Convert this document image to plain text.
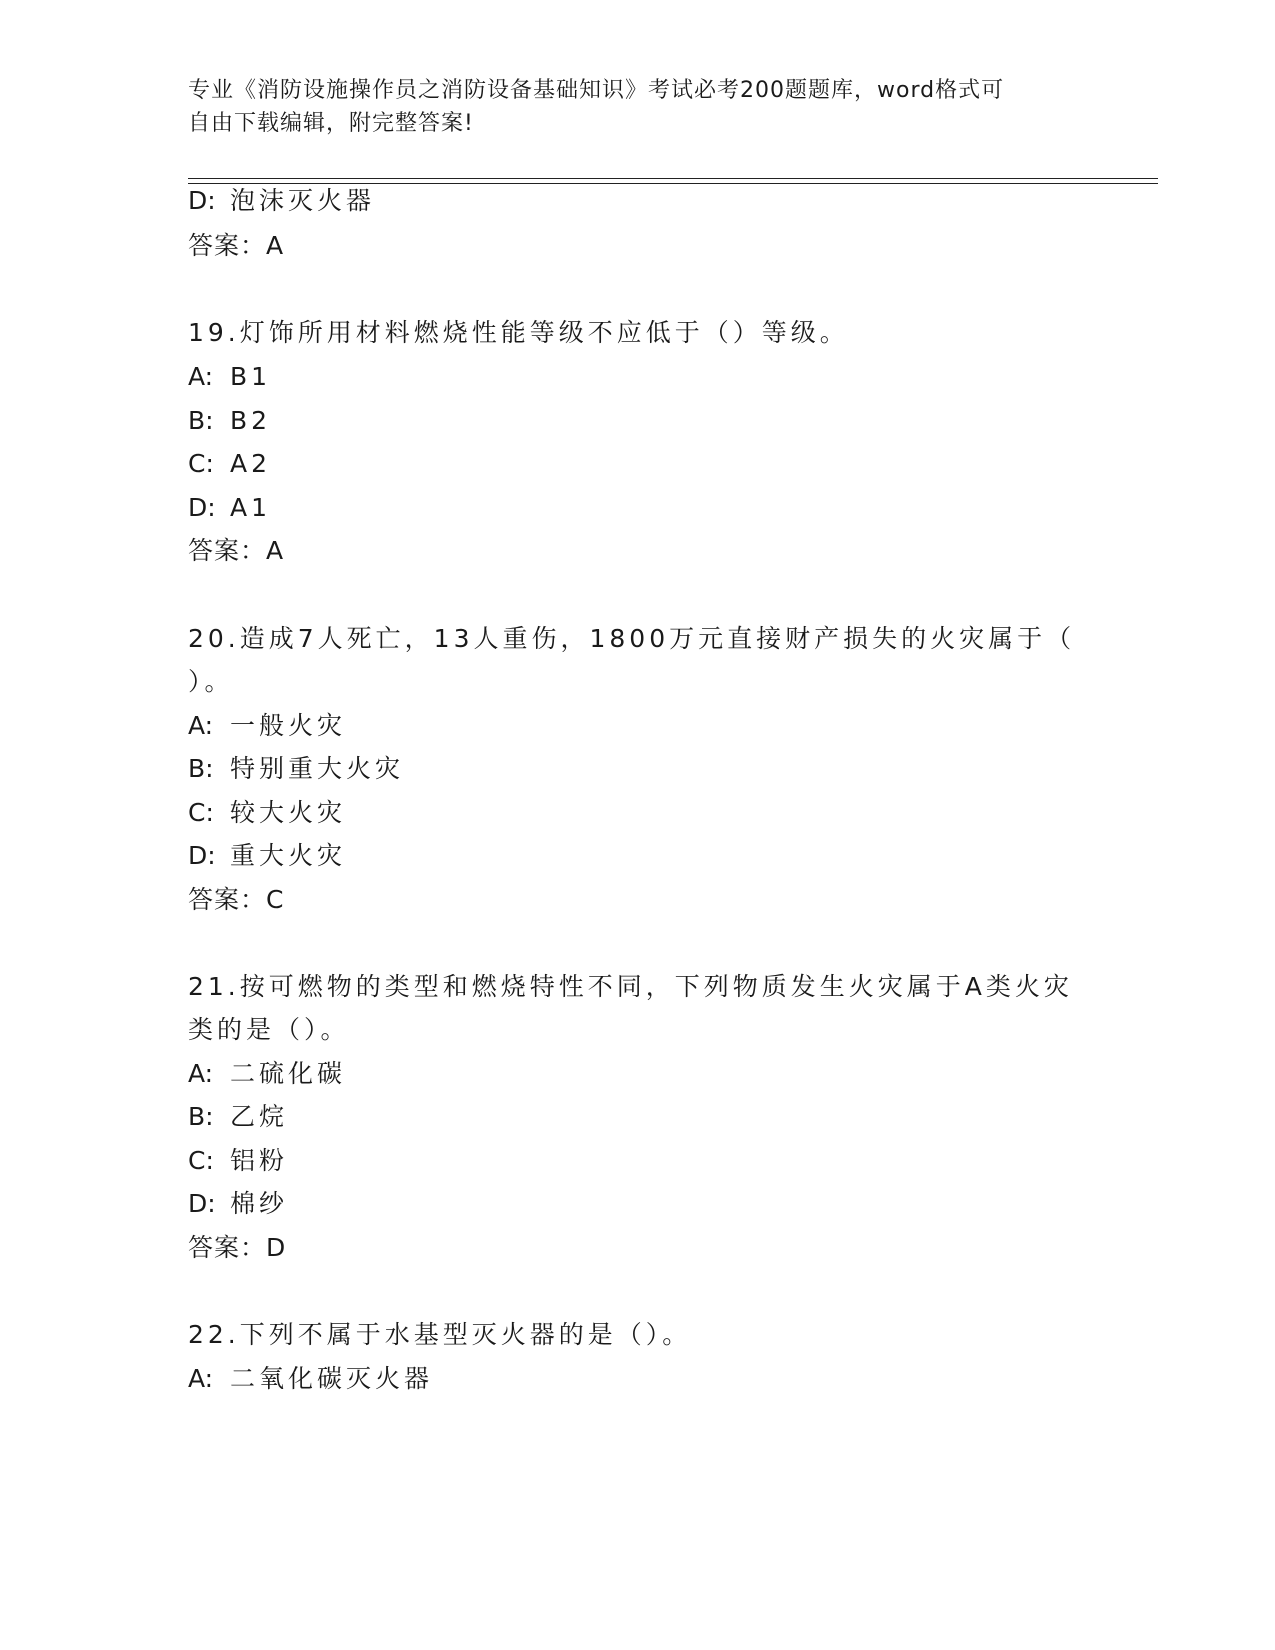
专业《消防设施操作员之消防设备基础知识》考试必考200题题库，word格式可
自由下载编辑，附完整答案!
D: 泡沫灭火器
答案：A
19.灯饰所用材料燃烧性能等级不应低于（）等级。
A: B1
B: B2
C: A2
D: A1
答案：A
20.造成7人死亡，13人重伤，1800万元直接财产损失的火灾属于（
）。
A: 一般火灾
B: 特别重大火灾
C: 较大火灾
D: 重大火灾
答案：C
21.按可燃物的类型和燃烧特性不同，下列物质发生火灾属于A类火灾
类的是（）。
A: 二硫化碳
B: 乙烷
C: 铝粉
D: 棉纱
答案：D
22.下列不属于水基型灭火器的是（）。
A: 二氧化碳灭火器
